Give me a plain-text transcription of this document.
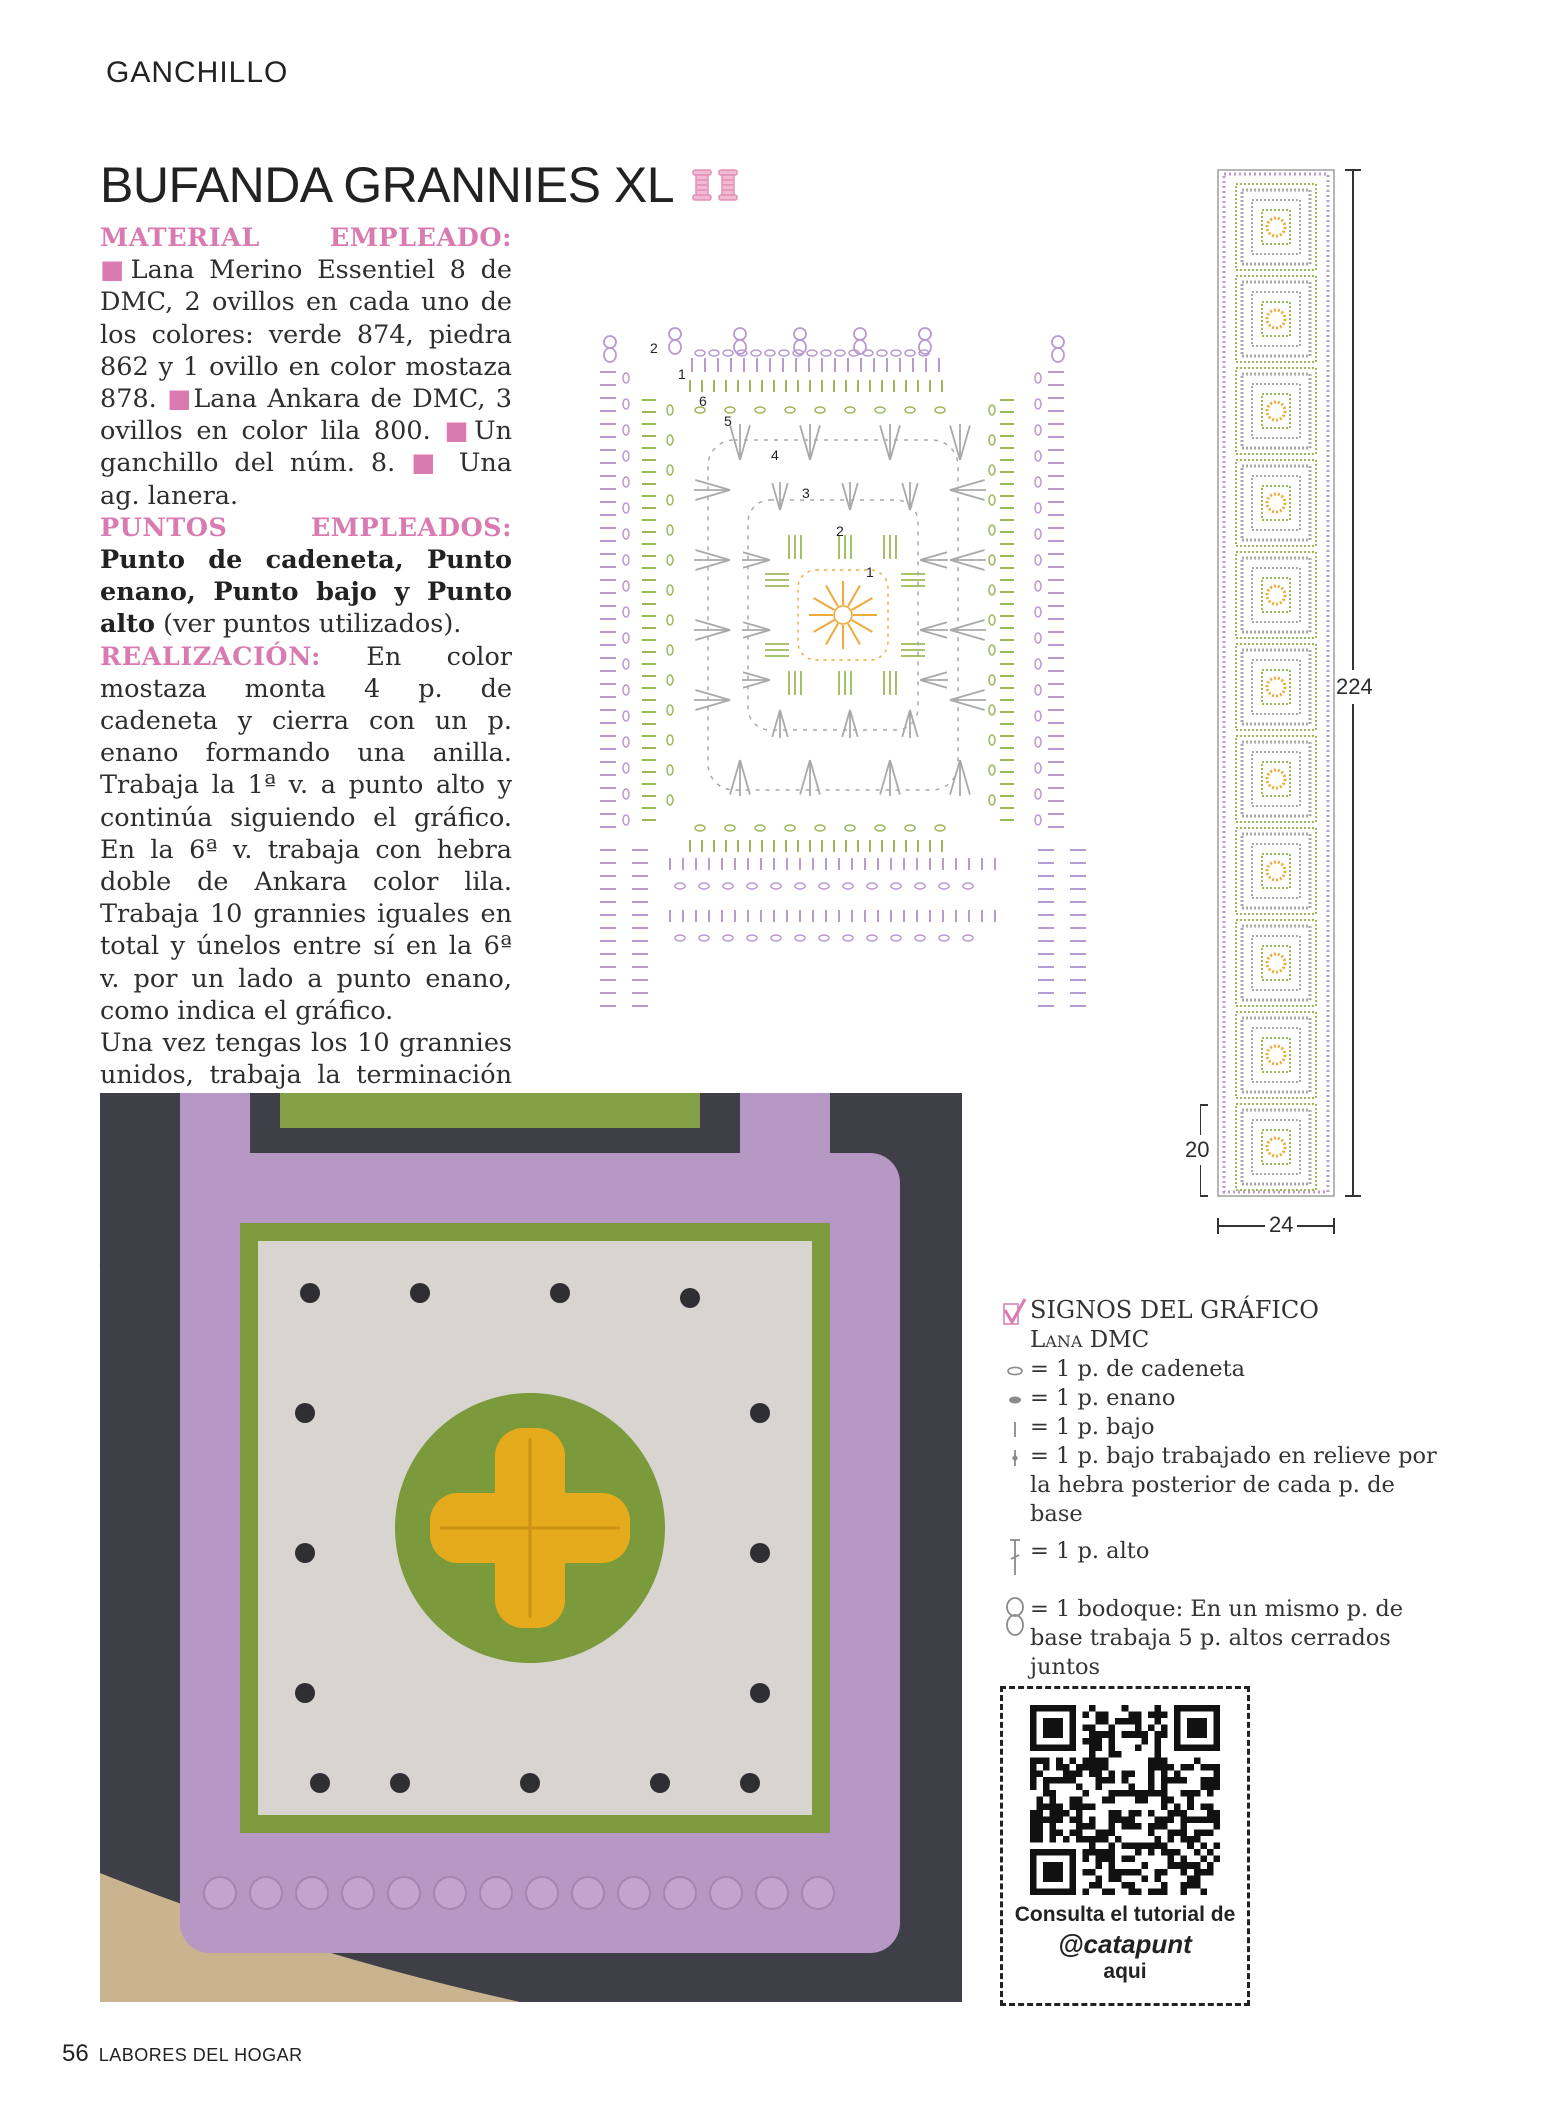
GANCHILLO
BUFANDA GRANNIES XL

MATERIAL EMPLEADO: ■Lana Merino Essentiel 8 de DMC, 2 ovillos en cada uno de los colores: verde 874, piedra 862 y 1 ovillo en color mostaza 878. ■Lana Ankara de DMC, 3 ovillos en color lila 800. ■Un ganchillo del núm. 8. ■ Una ag. lanera.

PUNTOS EMPLEADOS: Punto de cadeneta, Punto enano, Punto bajo y Punto alto (ver puntos utilizados).

REALIZACIÓN: En color mostaza monta 4 p. de cadeneta y cierra con un p. enano formando una anilla. Trabaja la 1ª v. a punto alto y continúa siguiendo el gráfico. En la 6ª v. trabaja con hebra doble de Ankara color lila. Trabaja 10 grannies iguales en total y únelos entre sí en la 6ª v. por un lado a punto enano, como indica el gráfico.

Una vez tengas los 10 grannies unidos, trabaja la terminación

2
1
6
5
4
3
2
1
224
20
24
SIGNOS DEL GRÁFICO
Lana DMC
= 1 p. de cadeneta
= 1 p. enano
= 1 p. bajo
= 1 p. bajo trabajado en relieve por la hebra posterior de cada p. de base
= 1 p. alto
= 1 bodoque: En un mismo p. de base trabaja 5 p. altos cerrados juntos
Consulta el tutorial de
@catapunt
aqui
56 LABORES DEL HOGAR
